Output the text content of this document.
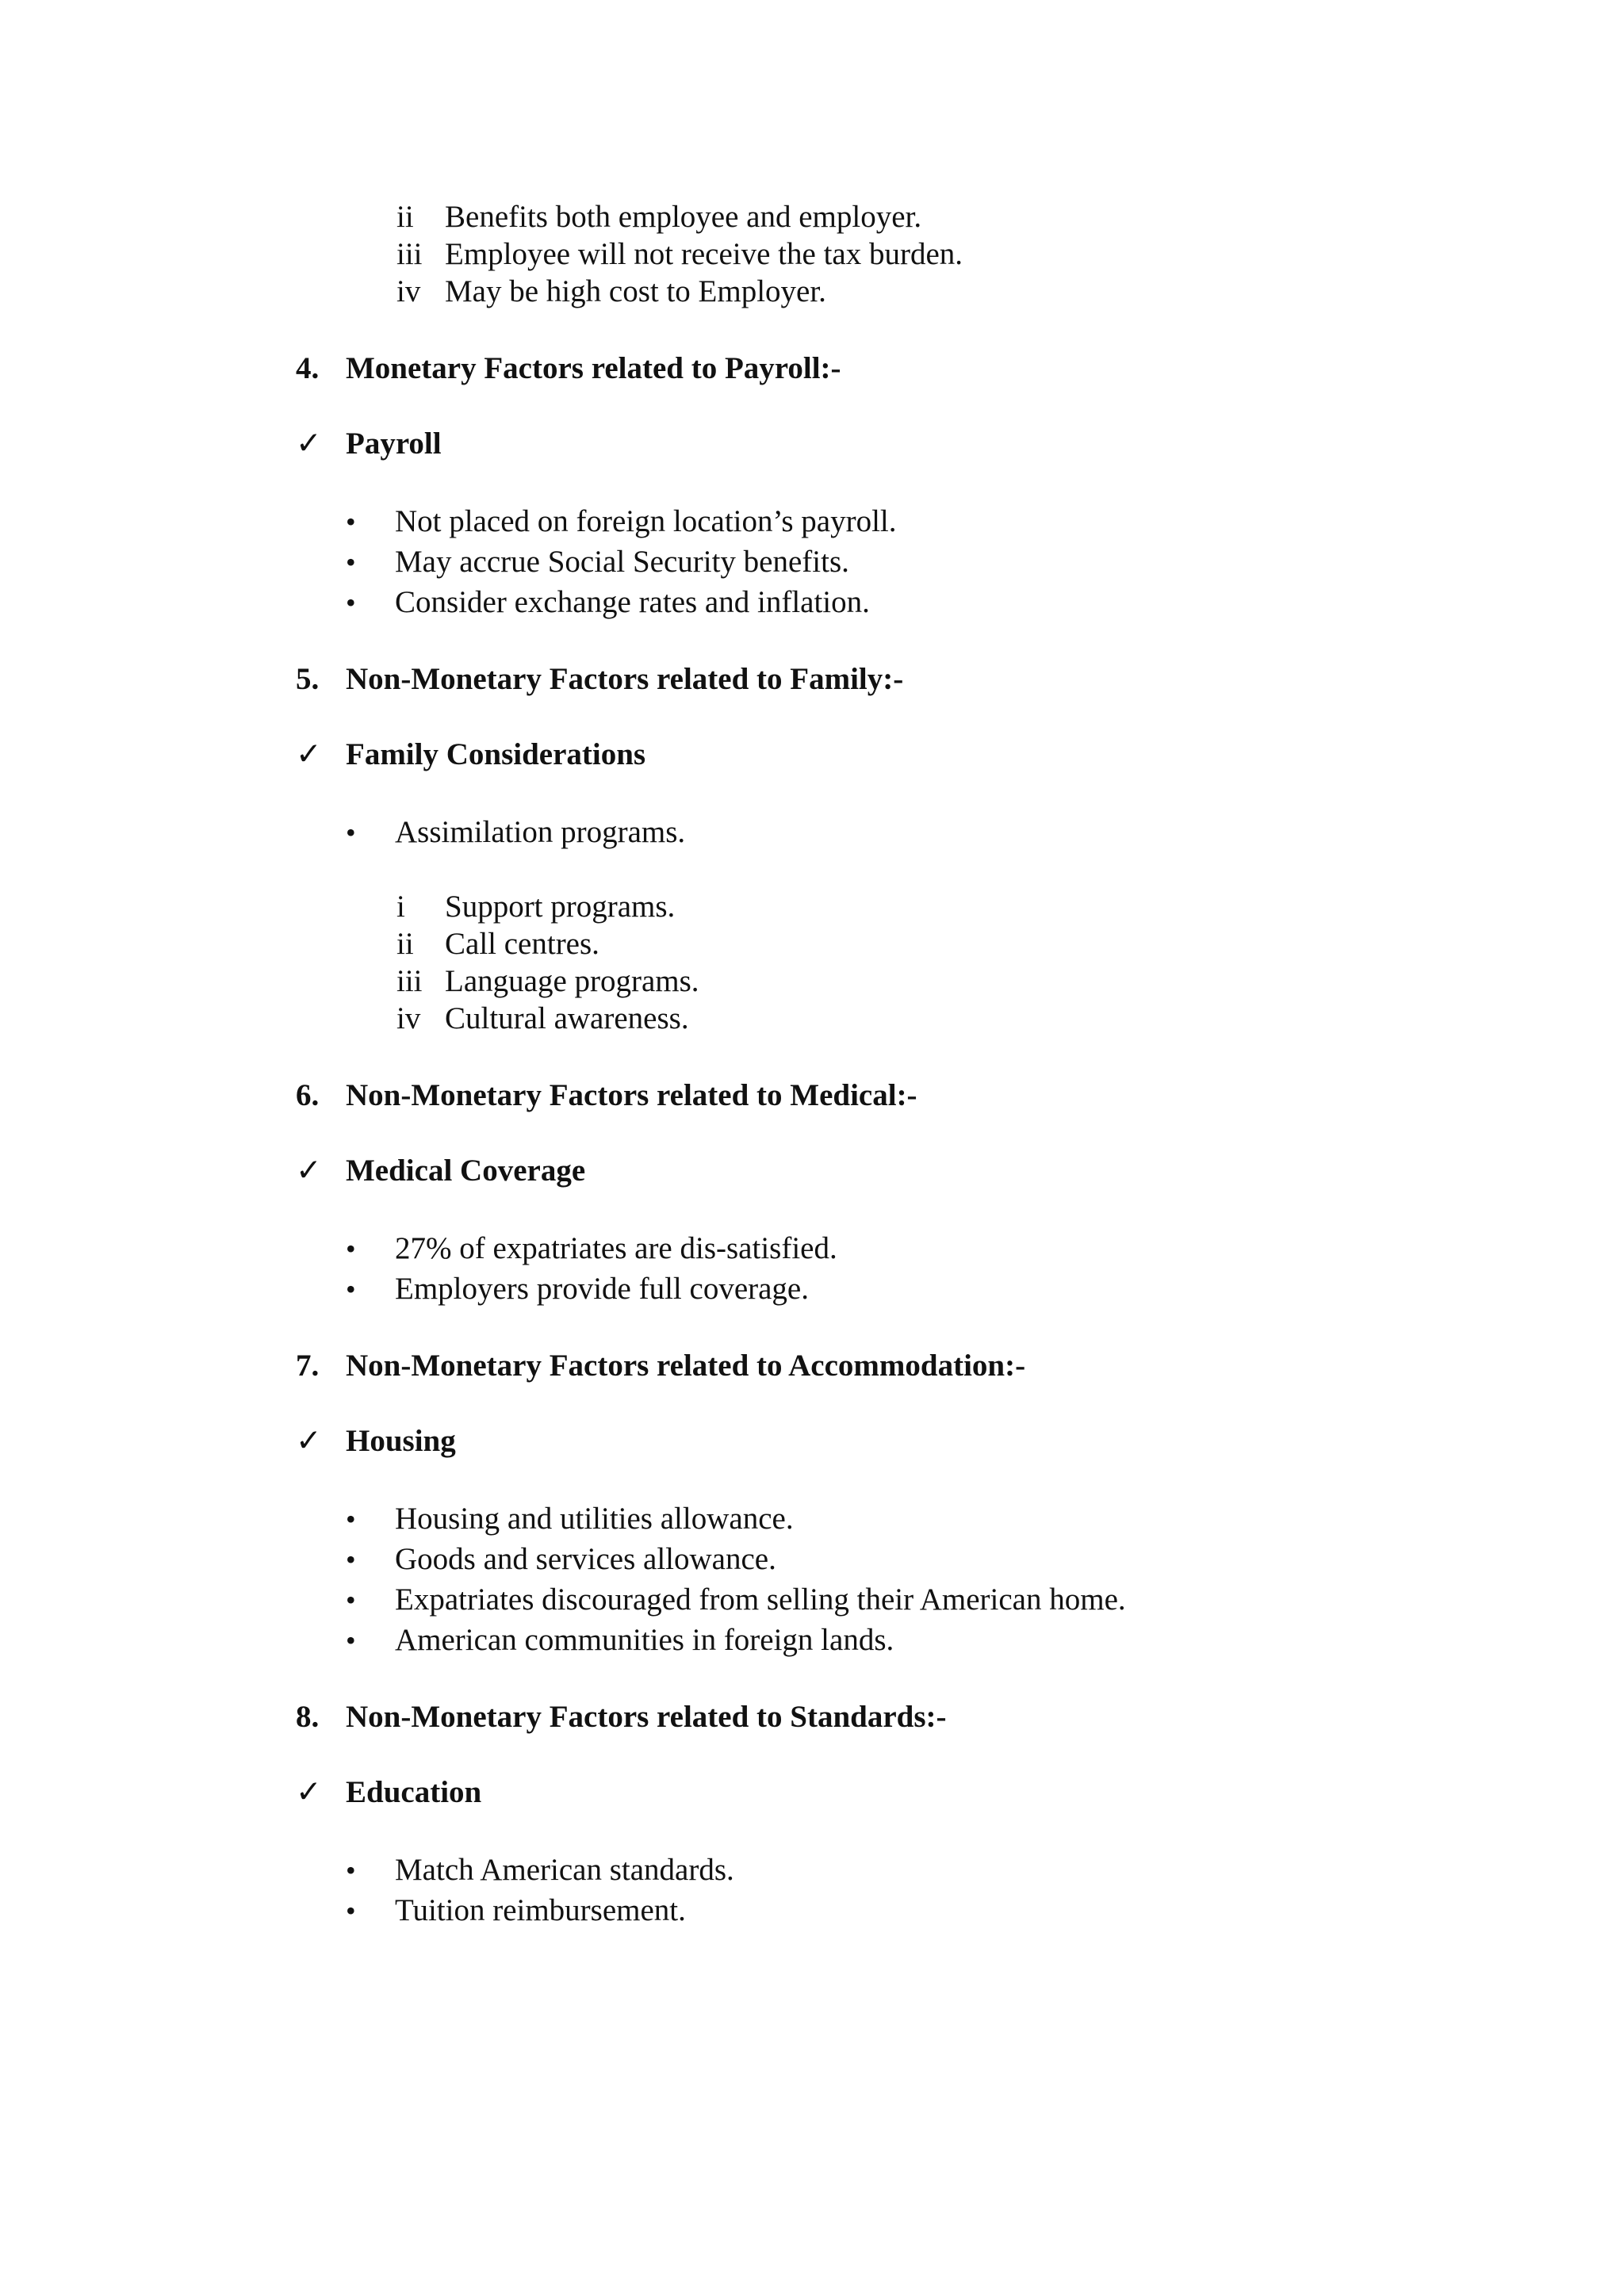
ii Benefits both employee and employer.
iii Employee will not receive the tax burden.
iv May be high cost to Employer.
4. Monetary Factors related to Payroll:-
✓ Payroll
• Not placed on foreign location’s payroll.
• May accrue Social Security benefits.
• Consider exchange rates and inflation.
5. Non-Monetary Factors related to Family:-
✓ Family Considerations
• Assimilation programs.
i Support programs.
ii Call centres.
iii Language programs.
iv Cultural awareness.
6. Non-Monetary Factors related to Medical:-
✓ Medical Coverage
• 27% of expatriates are dis-satisfied.
• Employers provide full coverage.
7. Non-Monetary Factors related to Accommodation:-
✓ Housing
• Housing and utilities allowance.
• Goods and services allowance.
• Expatriates discouraged from selling their American home.
• American communities in foreign lands.
8. Non-Monetary Factors related to Standards:-
✓ Education
• Match American standards.
• Tuition reimbursement.
